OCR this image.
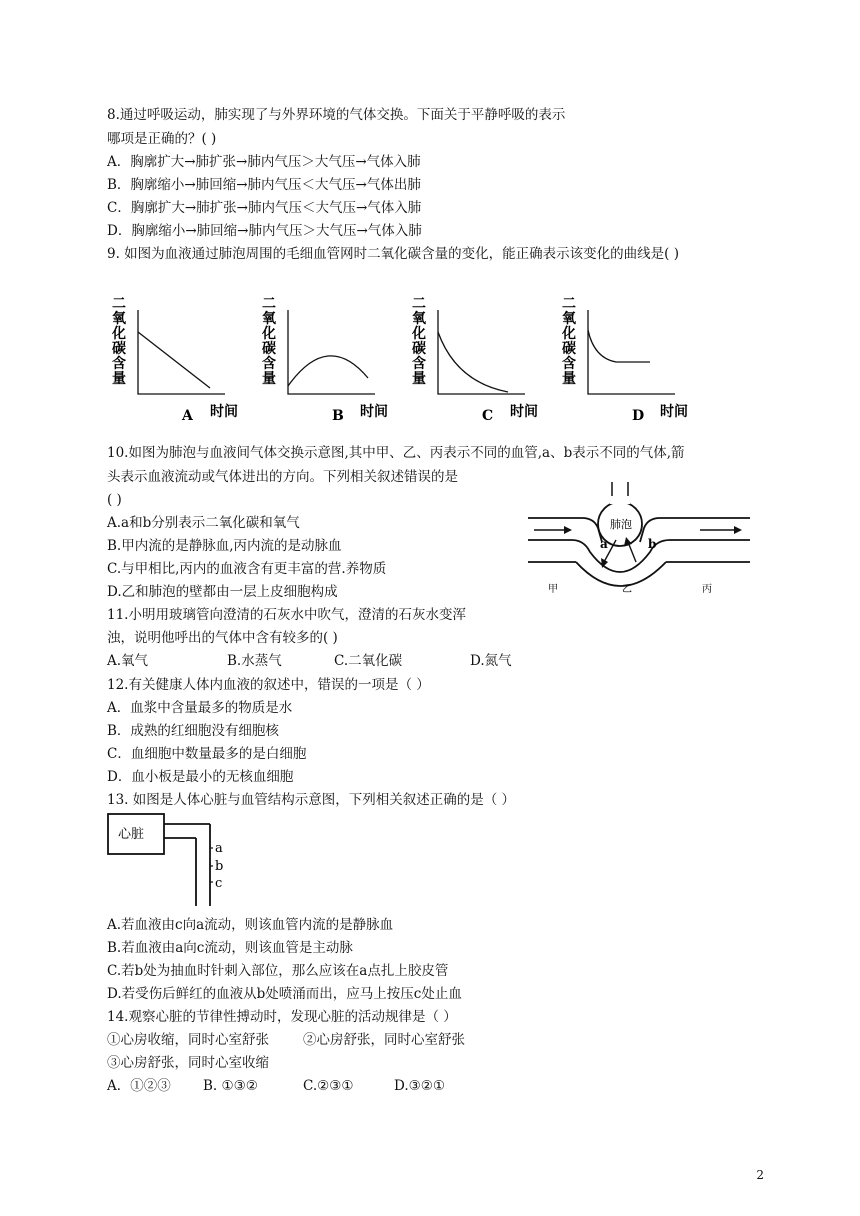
8.通过呼吸运动，肺实现了与外界环境的气体交换。下面关于平静呼吸的表示
哪项是正确的？( )
A．胸廓扩大→肺扩张→肺内气压＞大气压→气体入肺
B．胸廓缩小→肺回缩→肺内气压＜大气压→气体出肺
C．胸廓扩大→肺扩张→肺内气压＜大气压→气体入肺
D．胸廓缩小→肺回缩→肺内气压＞大气压→气体入肺
9. 如图为血液通过肺泡周围的毛细血管网时二氧化碳含量的变化，能正确表示该变化的曲线是( )
二
氧
化
碳
含
量
A 时间
二
氧
化
碳
含
量
B 时间
二
氧
化
碳
含
量
C 时间
二
氧
化
碳
含
量
D 时间
10.如图为肺泡与血液间气体交换示意图,其中甲、乙、丙表示不同的血管,a、b表示不同的气体,箭
头表示血液流动或气体进出的方向。下列相关叙述错误的是
( )
A.a和b分别表示二氧化碳和氧气
B.甲内流的是静脉血,丙内流的是动脉血
C.与甲相比,丙内的血液含有更丰富的营.养物质
D.乙和肺泡的壁都由一层上皮细胞构成
肺泡
a	b
甲	乙	丙
11.小明用玻璃管向澄清的石灰水中吹气，澄清的石灰水变浑
浊，说明他呼出的气体中含有较多的( )
A.氧气	B.水蒸气	C.二氧化碳	D.氮气
12.有关健康人体内血液的叙述中，错误的一项是（ ）
A．血浆中含量最多的物质是水
B．成熟的红细胞没有细胞核
C．血细胞中数量最多的是白细胞
D．血小板是最小的无核血细胞
13. 如图是人体心脏与血管结构示意图，下列相关叙述正确的是（ ）
心脏
a
b
c
A.若血液由c向a流动，则该血管内流的是静脉血
B.若血液由a向c流动，则该血管是主动脉
C.若b处为抽血时针刺入部位，那么应该在a点扎上胶皮管
D.若受伤后鲜红的血液从b处喷涌而出，应马上按压c处止血
14.观察心脏的节律性搏动时，发现心脏的活动规律是（ ）
①心房收缩，同时心室舒张	②心房舒张，同时心室舒张
③心房舒张，同时心室收缩
A．①②③ B. ①③②	C.②③①	D.③②①
2
